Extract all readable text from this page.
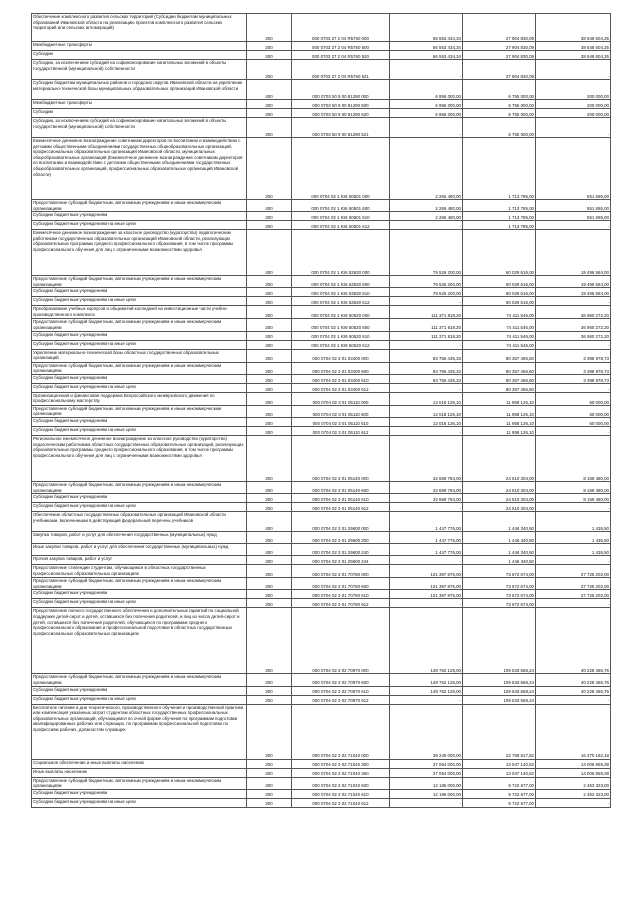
Обеспечение комплексного развития сельских территорий (Субсидии бюджетам муниципальных образований Ивановской области на реализацию проектов комплексного развития сельских территорий или сельских агломераций)	200	000 0703 27 2 04 R5760 000	66 553 434,34	27 904 830,09	38 648 604,25
Межбюджетные трансферты	200	000 0703 27 2 04 R5760 500	66 553 434,34	27 904 830,09	38 648 604,25
Субсидии	200	000 0703 27 2 04 R5760 520	66 553 434,34	27 904 830,09	38 648 604,25
Субсидии, за исключением субсидий на софинансирование капитальных вложений в объекты государственной (муниципальной) собственности	200	000 0703 27 2 04 R5760 521	-	27 904 830,09	-
Субсидии бюджетам муниципальных районов и городских округов Ивановской области на укрепление материально-технической базы муниципальных образовательных организаций Ивановской области	200	000 0703 50 9 00 81290 000	6 956 000,00	6 755 000,00	200 000,00
Межбюджетные трансферты	200	000 0703 50 9 00 81290 500	6 956 000,00	6 755 000,00	200 000,00
Субсидии	200	000 0703 50 9 00 81290 520	6 956 000,00	6 755 000,00	200 000,00
Субсидии, за исключением субсидий на софинансирование капитальных вложений в объекты государственной (муниципальной) собственности	200	000 0703 50 9 00 81290 521	-	6 755 000,00	-
Ежемесячное денежное вознаграждение советникам директоров по воспитанию и взаимодействию с детскими общественными объединениями государственных общеобразовательных организаций, профессиональных образовательных организаций Ивановской области, муниципальных общеобразовательных организаций (Ежемесячное денежное вознаграждение советникам директоров по воспитанию и взаимодействию с детскими общественными объединениями государственных общеобразовательных организаций, профессиональных образовательных организаций Ивановской области)	200	000 0704 02 1 Ю6 50501 000	2 265 480,00	1 713 785,00	551 695,00
Предоставление субсидий бюджетным, автономным учреждениям и иным некоммерческим организациям	200	000 0704 02 1 Ю6 50501 600	2 265 480,00	1 713 785,00	551 695,00
Субсидии бюджетным учреждениям	200	000 0704 02 1 Ю6 50501 610	2 265 480,00	1 713 785,00	551 695,00
Субсидии бюджетным учреждениям на иные цели	200	000 0704 02 1 Ю6 50501 612	-	1 713 785,00	-
Ежемесячное денежное вознаграждение за классное руководство (кураторство) педагогическим работникам государственных образовательных организаций Ивановской области, реализующих образовательные программы среднего профессионального образования, в том числе программы профессионального обучения для лиц с ограниченными возможностями здоровья	200	000 0704 02 1 Ю6 53630 000	79 526 200,00	60 029 616,00	19 496 584,00
Предоставление субсидий бюджетным, автономным учреждениям и иным некоммерческим организациям	200	000 0704 02 1 Ю6 53630 600	79 526 200,00	60 029 616,00	19 496 584,00
Субсидии бюджетным учреждениям	200	000 0704 02 1 Ю6 53630 610	79 526 200,00	60 029 616,00	19 496 584,00
Субсидии бюджетным учреждениям на иные цели	200	000 0704 02 1 Ю6 53630 612	-	60 029 616,00	-
Преобразование учебных корпусов и общежитий колледжей на инвестиционные части учебно-производственного комплекса	200	000 0704 02 1 Ю9 50520 000	111 371 818,20	74 411 546,00	36 960 272,20
Предоставление субсидий бюджетным, автономным учреждениям и иным некоммерческим организациям	200	000 0704 02 1 Ю9 50520 600	111 371 818,20	74 411 546,00	36 960 272,20
Субсидии бюджетным учреждениям	200	000 0704 02 1 Ю9 50520 610	111 371 818,20	74 411 546,00	36 960 272,20
Субсидии бюджетным учреждениям на иные цели	200	000 0704 02 1 Ю9 50520 612	-	74 411 546,00	-
Укрепление материально-технической базы областных государственных образовательных организаций	200	000 0704 02 3 01 03400 000	83 756 435,33	80 357 456,60	3 398 978,73
Предоставление субсидий бюджетным, автономным учреждениям и иным некоммерческим организациям	200	000 0704 02 3 01 03400 600	83 756 435,33	80 357 456,60	3 398 978,73
Субсидии бюджетным учреждениям	200	000 0704 02 3 01 03400 610	83 756 435,33	80 357 456,60	3 398 978,73
Субсидии бюджетным учреждениям на иные цели	200	000 0704 02 3 01 03400 612	-	80 357 456,60	-
Организационная и финансовая поддержка Всероссийского межвузовского движения по профессиональному мастерству	200	000 0704 02 3 01 05110 000	12 018 126,10	11 958 126,10	60 000,00
Предоставление субсидий бюджетным, автономным учреждениям и иным некоммерческим организациям	200	000 0704 02 3 01 05110 600	12 018 126,10	11 958 126,10	60 000,00
Субсидии бюджетным учреждениям	200	000 0704 02 3 01 05110 610	12 018 126,10	11 958 126,10	60 000,00
Субсидии бюджетным учреждениям на иные цели	200	000 0704 02 3 01 05110 612	-	11 958 126,10	-
Региональное ежемесячное денежное вознаграждение за классное руководство (кураторство) педагогическим работникам областных государственных образовательных организаций, реализующих образовательные программы среднего профессионального образования, в том числе программы профессионального обучения для лиц с ограниченными возможностями здоровья	200	000 0704 02 3 01 05140 000	32 669 784,00	24 510 304,00	8 159 480,00
Предоставление субсидий бюджетным, автономным учреждениям и иным некоммерческим организациям	200	000 0704 02 3 01 05140 600	32 669 784,00	24 510 304,00	8 159 480,00
Субсидии бюджетным учреждениям	200	000 0704 02 3 01 05140 610	32 669 784,00	24 510 304,00	8 159 480,00
Субсидии бюджетным учреждениям на иные цели	200	000 0704 02 3 01 05140 612	-	24 510 304,00	-
Обеспечение областных государственных образовательных организаций Ивановской области учебниками, включенными в действующий федеральный перечень учебников	200	000 0704 02 3 01 29600 000	1 447 776,00	1 446 340,50	1 435,50
Закупка товаров, работ и услуг для обеспечения государственных (муниципальных) нужд	200	000 0704 02 3 01 29600 200	1 447 776,00	1 446 340,50	1 435,50
Иные закупки товаров, работ и услуг для обеспечения государственных (муниципальных) нужд	200	000 0704 02 3 01 29600 240	1 447 776,00	1 446 340,50	1 435,50
Прочая закупка товаров, работ и услуг	200	000 0704 02 3 01 29600 244	-	1 446 340,50	-
Предоставление стипендии студентам, обучающимся в областных государственных профессиональных образовательных организациях	200	000 0704 02 3 01 70780 000	101 397 876,00	73 672 674,00	27 725 202,00
Предоставление субсидий бюджетным, автономным учреждениям и иным некоммерческим организациям	200	000 0704 02 3 01 70780 600	101 397 876,00	73 672 674,00	27 725 202,00
Субсидии бюджетным учреждениям	200	000 0704 02 3 01 70780 610	101 397 876,00	73 672 674,00	27 725 202,00
Субсидии бюджетным учреждениям на иные цели	200	000 0704 02 3 01 70780 612	-	73 672 674,00	-
Предоставление полного государственного обеспечения и дополнительных гарантий по социальной поддержке детей-сирот и детей, оставшихся без попечения родителей, и лиц из числа детей-сирот и детей, оставшихся без попечения родителей, обучающихся по программам среднего профессионального образования и профессиональной подготовки в областных государственных профессиональных образовательных организациях	200	000 0704 02 3 02 70970 000	149 762 125,00	109 533 668,24	40 228 456,76
Предоставление субсидий бюджетным, автономным учреждениям и иным некоммерческим организациям	200	000 0704 02 3 02 70970 600	149 762 125,00	109 533 668,24	40 228 456,76
Субсидии бюджетным учреждениям	200	000 0704 02 3 02 70970 610	149 762 125,00	109 533 668,24	40 228 456,76
Субсидии бюджетным учреждениям на иные цели	200	000 0704 02 3 02 70970 612	-	109 533 668,24	-
Бесплатное питание в дни теоретического, производственного обучения и производственной практики или компенсация указанных затрат студентам областных государственных профессиональных образовательных организаций, обучающимся по очной форме обучения по программам подготовки квалифицированных рабочих или служащих, по программам профессиональной подготовки по профессиям рабочих, должностям служащих	200	000 0704 02 3 02 71040 000	39 240 000,00	22 769 817,82	16 470 182,18
Социальное обеспечение и иные выплаты населению	200	000 0704 02 3 02 71040 300	27 054 000,00	13 047 140,62	14 006 859,38
Иные выплаты населению	200	000 0704 02 3 02 71040 360	27 054 000,00	13 047 140,62	14 006 859,38
Предоставление субсидий бюджетным, автономным учреждениям и иным некоммерческим организациям	200	000 0704 02 3 02 71040 600	12 186 000,00	9 722 677,00	2 463 323,00
Субсидии бюджетным учреждениям	200	000 0704 02 3 02 71040 610	12 186 000,00	9 722 677,00	2 463 323,00
Субсидии бюджетным учреждениям на иные цели	200	000 0704 02 3 02 71040 612	-	9 722 677,00	-
